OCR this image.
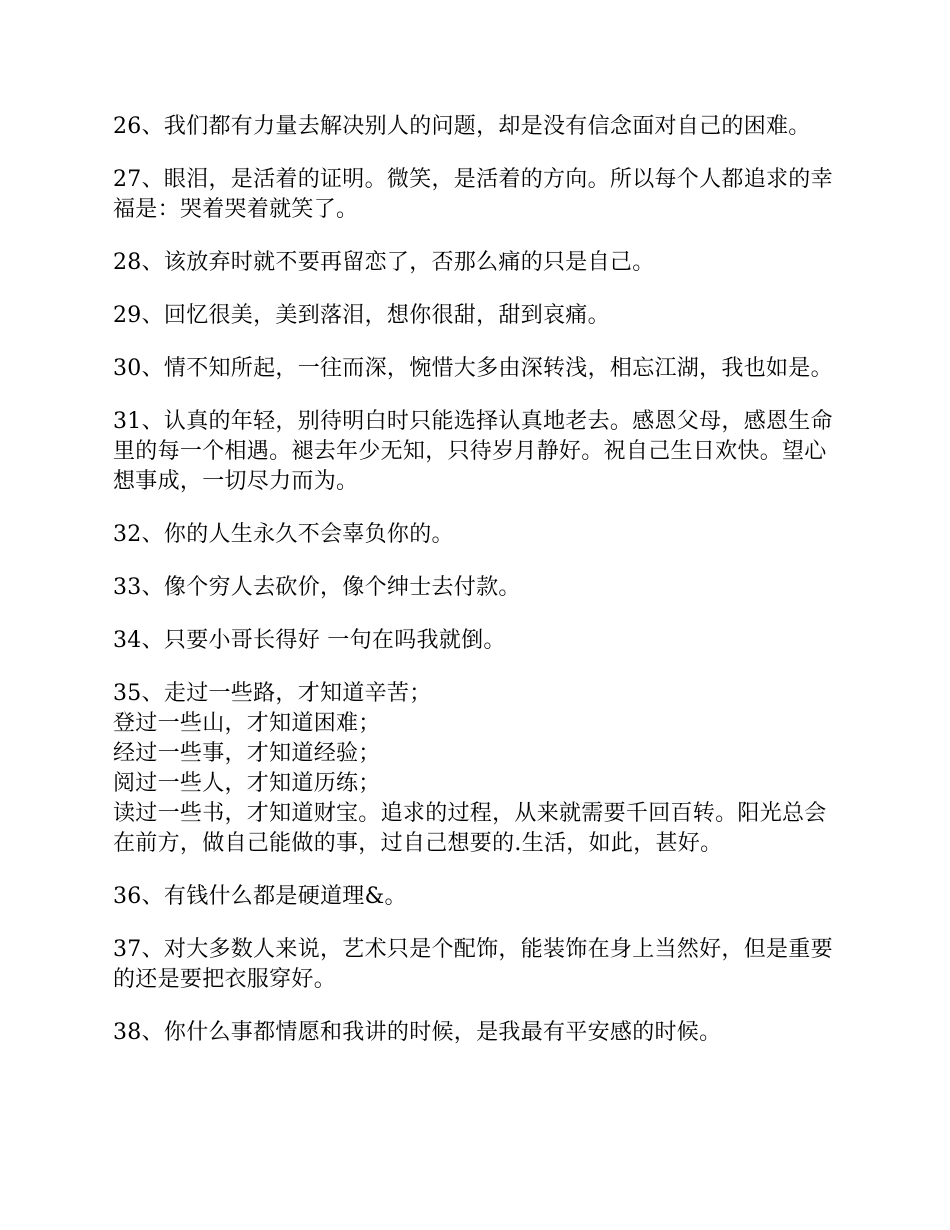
26、我们都有力量去解决别人的问题，却是没有信念面对自己的困难。
27、眼泪，是活着的证明。微笑，是活着的方向。所以每个人都追求的幸福是：哭着哭着就笑了。
28、该放弃时就不要再留恋了，否那么痛的只是自己。
29、回忆很美，美到落泪，想你很甜，甜到哀痛。
30、情不知所起，一往而深，惋惜大多由深转浅，相忘江湖，我也如是。
31、认真的年轻，别待明白时只能选择认真地老去。感恩父母，感恩生命里的每一个相遇。褪去年少无知，只待岁月静好。祝自己生日欢快。望心想事成，一切尽力而为。
32、你的人生永久不会辜负你的。
33、像个穷人去砍价，像个绅士去付款。
34、只要小哥长得好 一句在吗我就倒。
35、走过一些路，才知道辛苦；
登过一些山，才知道困难；
经过一些事，才知道经验；
阅过一些人，才知道历练；
读过一些书，才知道财宝。追求的过程，从来就需要千回百转。阳光总会在前方，做自己能做的事，过自己想要的.生活，如此，甚好。
36、有钱什么都是硬道理&。
37、对大多数人来说，艺术只是个配饰，能装饰在身上当然好，但是重要的还是要把衣服穿好。
38、你什么事都情愿和我讲的时候，是我最有平安感的时候。
